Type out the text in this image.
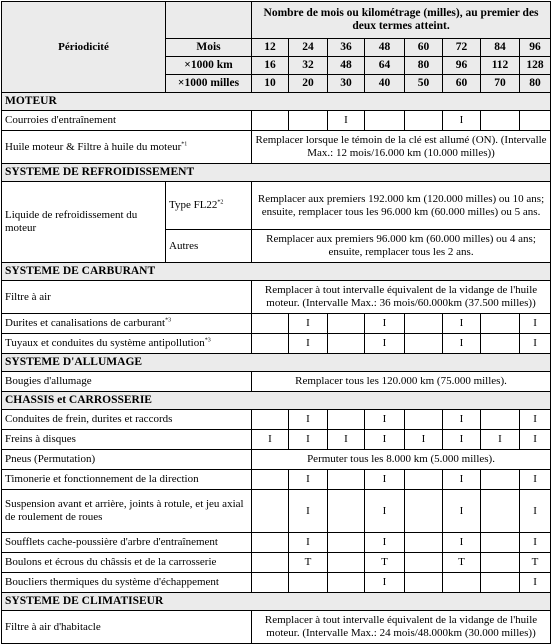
Périodicité		Nombre de mois ou kilométrage (milles), au premier des deux termes atteint.							
	Mois	12	24	36	48	60	72	84	96
	×1000 km	16	32	48	64	80	96	112	128
	×1000 milles	10	20	30	40	50	60	70	80
MOTEUR									
Courroies d'entraînement				I			I		
Huile moteur & Filtre à huile du moteur$^{*1}$		Remplacer lorsque le témoin de la clé est allumé (ON). (Intervalle Max.: 12 mois/16.000 km (10.000 milles))							
SYSTEME DE REFROIDISSEMENT									
Liquide de refroidissement du moteur	Type FL22$^{*2}$	Remplacer aux premiers 192.000 km (120.000 milles) ou 10 ans; ensuite, remplacer tous les 96.000 km (60.000 milles) ou 5 ans.							
	Autres	Remplacer aux premiers 96.000 km (60.000 milles) ou 4 ans; ensuite, remplacer tous les 2 ans.							
SYSTEME DE CARBURANT									
Filtre à air		Remplacer à tout intervalle équivalent de la vidange de l'huile moteur. (Intervalle Max.: 36 mois/60.000km (37.500 milles))							
Durites et canalisations de carburant$^{*3}$			I		I		I		I
Tuyaux et conduites du système antipollution$^{*3}$			I		I		I		I
SYSTEME D'ALLUMAGE									
Bougies d'allumage		Remplacer tous les 120.000 km (75.000 milles).							
CHASSIS et CARROSSERIE									
Conduites de frein, durites et raccords			I		I		I		I
Freins à disques		I	I	I	I	I	I	I	I
Pneus (Permutation)		Permuter tous les 8.000 km (5.000 milles).							
Timonerie et fonctionnement de la direction			I		I		I		I
Suspension avant et arrière, joints à rotule, et jeu axial de roulement de roues			I		I		I		I
Soufflets cache-poussière d'arbre d'entraînement			I		I		I		I
Boulons et écrous du châssis et de la carrosserie			T		T		T		T
Boucliers thermiques du système d'échappement					I				I
SYSTEME DE CLIMATISEUR									
Filtre à air d'habitacle		Remplacer à tout intervalle équivalent de la vidange de l'huile moteur. (Intervalle Max.: 24 mois/48.000km (30.000 milles))							
